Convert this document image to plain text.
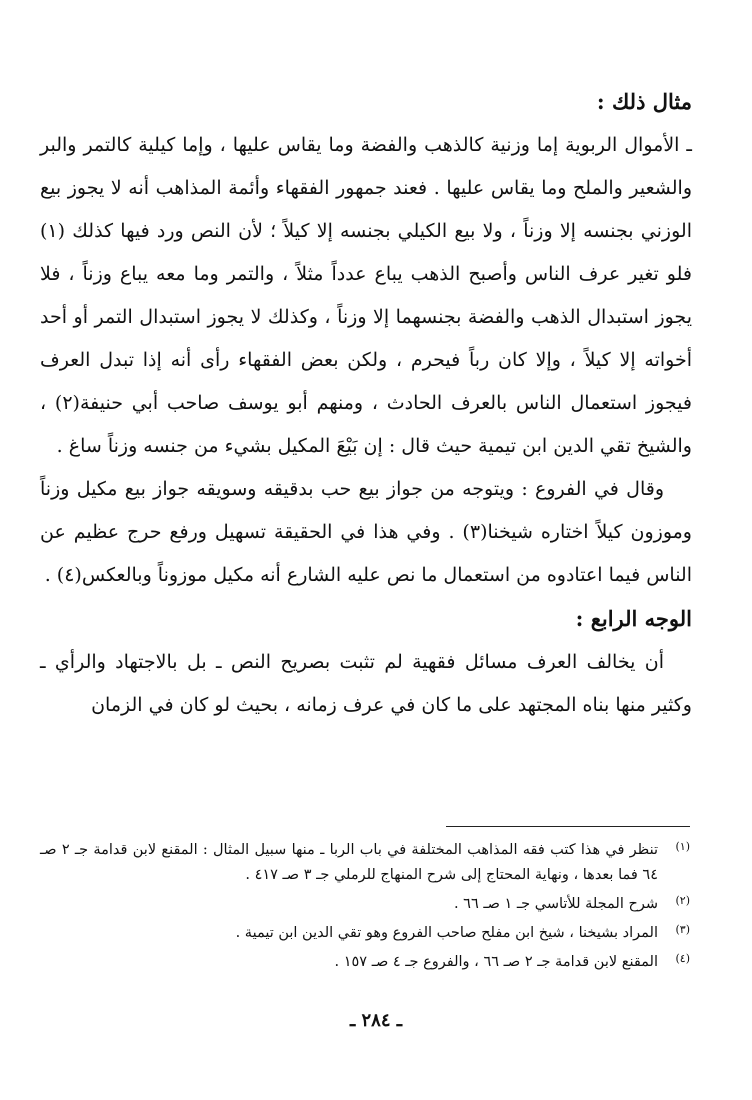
مثال ذلك :

ـ الأموال الربوية إما وزنية كالذهب والفضة وما يقاس عليها ، وإما كيلية كالتمر والبر والشعير والملح وما يقاس عليها . فعند جمهور الفقهاء وأئمة المذاهب أنه لا يجوز بيع الوزني بجنسه إلا وزناً ، ولا بيع الكيلي بجنسه إلا كيلاً ؛ لأن النص ورد فيها كذلك (١) فلو تغير عرف الناس وأصبح الذهب يباع عدداً مثلاً ، والتمر وما معه يباع وزناً ، فلا يجوز استبدال الذهب والفضة بجنسهما إلا وزناً ، وكذلك لا يجوز استبدال التمر أو أحد أخواته إلا كيلاً ، وإلا كان رباً فيحرم ، ولكن بعض الفقهاء رأى أنه إذا تبدل العرف فيجوز استعمال الناس بالعرف الحادث ، ومنهم أبو يوسف صاحب أبي حنيفة(٢) ، والشيخ تقي الدين ابن تيمية حيث قال : إن بَيْعَ المكيل بشيء من جنسه وزناً ساغ .

وقال في الفروع : ويتوجه من جواز بيع حب بدقيقه وسويقه جواز بيع مكيل وزناً وموزون كيلاً اختاره شيخنا(٣) . وفي هذا في الحقيقة تسهيل ورفع حرج عظيم عن الناس فيما اعتادوه من استعمال ما نص عليه الشارع أنه مكيل موزوناً وبالعكس(٤) .

الوجه الرابع :

أن يخالف العرف مسائل فقهية لم تثبت بصريح النص ـ بل بالاجتهاد والرأي ـ وكثير منها بناه المجتهد على ما كان في عرف زمانه ، بحيث لو كان في الزمان

(١)
تنظر في هذا كتب فقه المذاهب المختلفة في باب الربا ـ منها سبيل المثال : المقنع لابن قدامة جـ ٢ صـ ٦٤ فما بعدها ، ونهاية المحتاج إلى شرح المنهاج للرملي جـ ٣ صـ ٤١٧ .
(٢)
شرح المجلة للأتاسي جـ ١ صـ ٦٦ .
(٣)
المراد بشيخنا ، شيخ ابن مفلح صاحب الفروع وهو تقي الدين ابن تيمية .
(٤)
المقنع لابن قدامة جـ ٢ صـ ٦٦ ، والفروع جـ ٤ صـ ١٥٧ .
ـ ٢٨٤ ـ
